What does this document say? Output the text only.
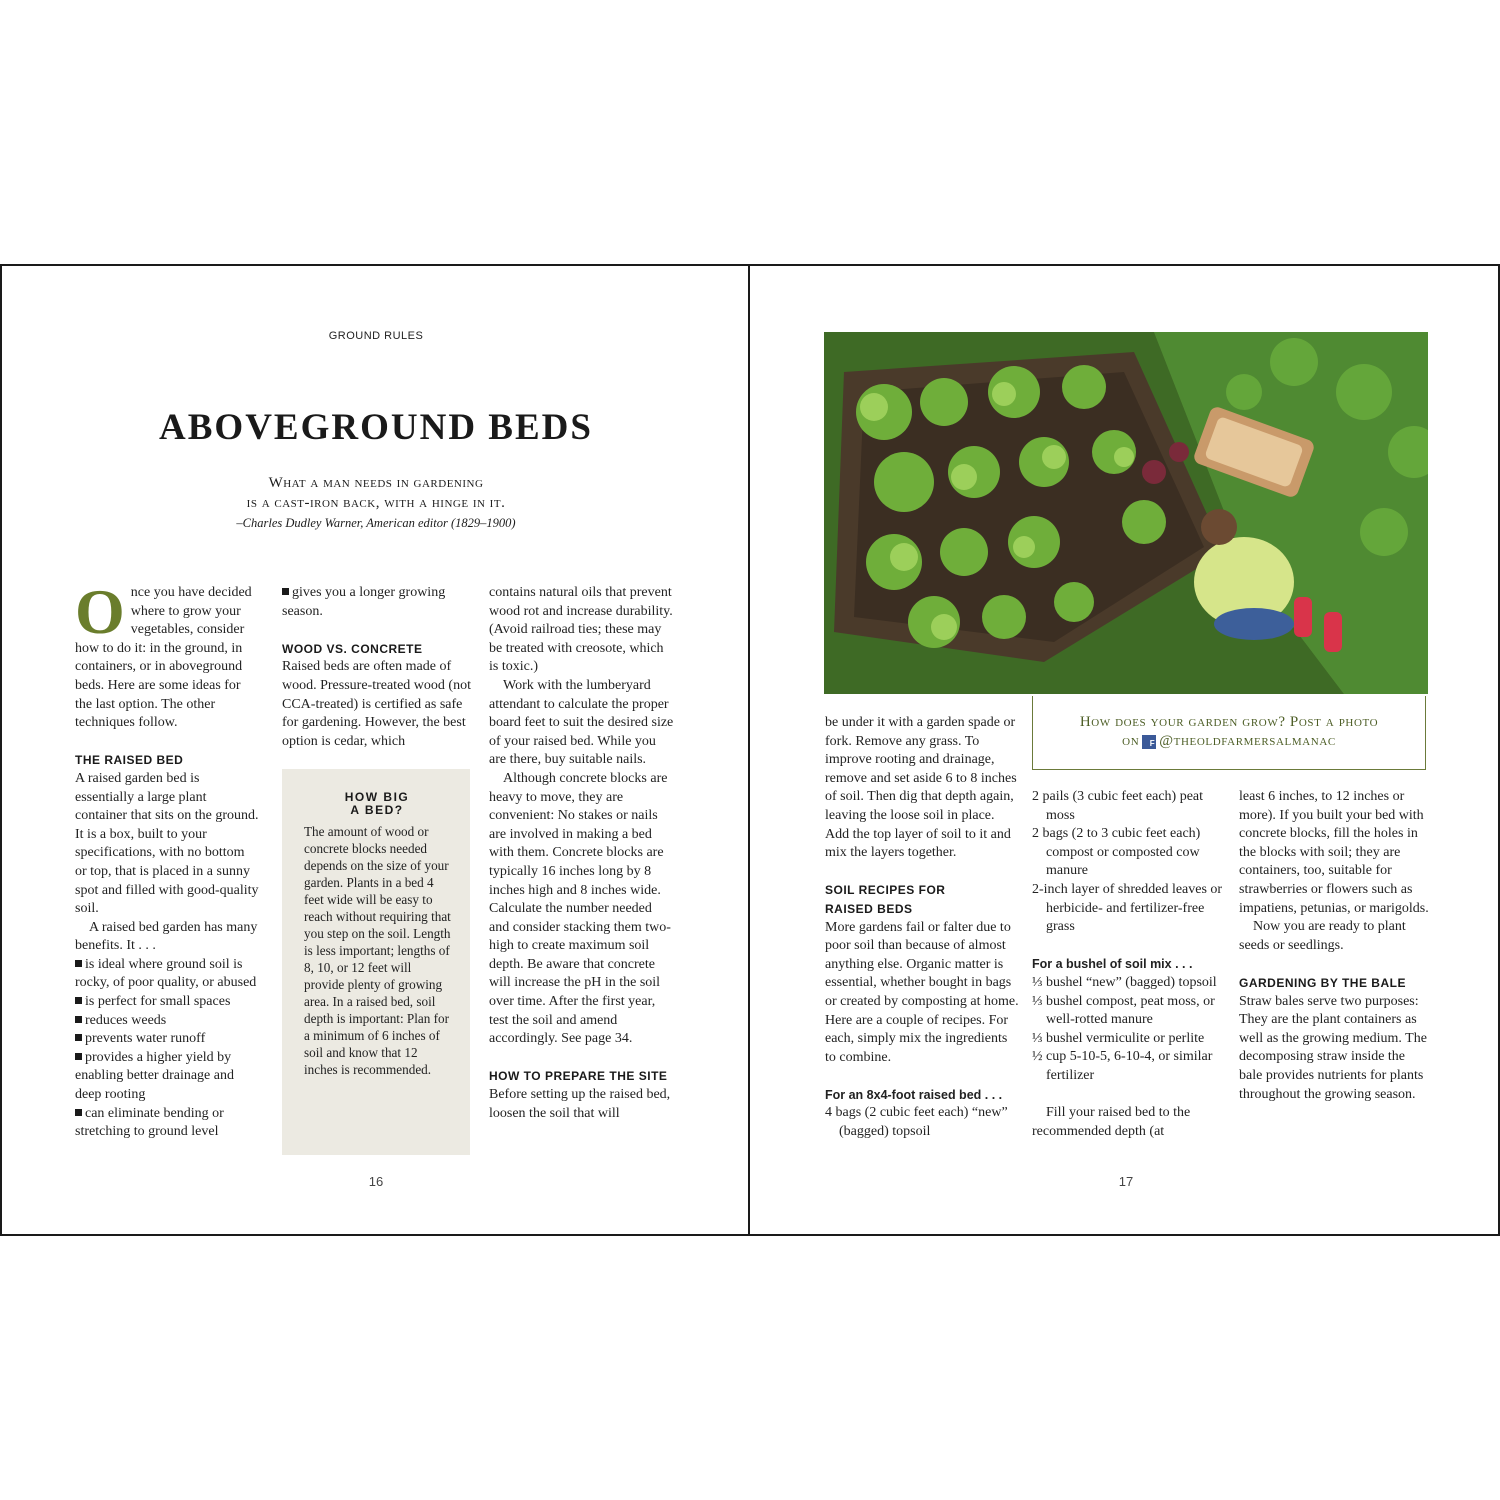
GROUND RULES
ABOVEGROUND BEDS
What a man needs in gardening
is a cast-iron back, with a hinge in it.
–Charles Dudley Warner, American editor (1829–1900)

Once you have decided where to grow your vegetables, consider how to do it: in the ground, in containers, or in aboveground beds. Here are some ideas for the last option. The other techniques follow.

THE RAISED BED

A raised garden bed is essentially a large plant container that sits on the ground. It is a box, built to your specifications, with no bottom or top, that is placed in a sunny spot and filled with good-quality soil.

A raised bed garden has many benefits. It . . .

is ideal where ground soil is rocky, of poor quality, or abused

is perfect for small spaces

reduces weeds

prevents water runoff

provides a higher yield by enabling better drainage and deep rooting

can eliminate bending or stretching to ground level

gives you a longer growing season.

WOOD VS. CONCRETE

Raised beds are often made of wood. Pressure-treated wood (not CCA-treated) is certified as safe for gardening. However, the best option is cedar, which

HOW BIG
A BED?
The amount of wood or concrete blocks needed depends on the size of your garden. Plants in a bed 4 feet wide will be easy to reach without requiring that you step on the soil. Length is less important; lengths of 8, 10, or 12 feet will provide plenty of growing area. In a raised bed, soil depth is important: Plan for a minimum of 6 inches of soil and know that 12 inches is recommended.

contains natural oils that prevent wood rot and increase durability. (Avoid railroad ties; these may be treated with creosote, which is toxic.)

Work with the lumberyard attendant to calculate the proper board feet to suit the desired size of your raised bed. While you are there, buy suitable nails.

Although concrete blocks are heavy to move, they are convenient: No stakes or nails are involved in making a bed with them. Concrete blocks are typically 16 inches long by 8 inches high and 8 inches wide. Calculate the number needed and consider stacking them two-high to create maximum soil depth. Be aware that concrete will increase the pH in the soil over time. After the first year, test the soil and amend accordingly. See page 34.

HOW TO PREPARE THE SITE

Before setting up the raised bed, loosen the soil that will

16
How does your garden grow? Post a photo
on f @theoldfarmersalmanac

be under it with a garden spade or fork. Remove any grass. To improve rooting and drainage, remove and set aside 6 to 8 inches of soil. Then dig that depth again, leaving the loose soil in place. Add the top layer of soil to it and mix the layers together.

SOIL RECIPES FOR
RAISED BEDS

More gardens fail or falter due to poor soil than because of almost anything else. Organic matter is essential, whether bought in bags or created by composting at home. Here are a couple of recipes. For each, simply mix the ingredients to combine.

For an 8x4-foot raised bed . . .

4 bags (2 cubic feet each) “new” (bagged) topsoil

2 pails (3 cubic feet each) peat moss

2 bags (2 to 3 cubic feet each) compost or composted cow manure

2-inch layer of shredded leaves or herbicide- and fertilizer-free grass

For a bushel of soil mix . . .

⅓ bushel “new” (bagged) topsoil

⅓ bushel compost, peat moss, or well-rotted manure

⅓ bushel vermiculite or perlite

½ cup 5-10-5, 6-10-4, or similar fertilizer

Fill your raised bed to the recommended depth (at

least 6 inches, to 12 inches or more). If you built your bed with concrete blocks, fill the holes in the blocks with soil; they are containers, too, suitable for strawberries or flowers such as impatiens, petunias, or marigolds.

Now you are ready to plant seeds or seedlings.

GARDENING BY THE BALE

Straw bales serve two purposes: They are the plant containers as well as the growing medium. The decomposing straw inside the bale provides nutrients for plants throughout the growing season.

17
